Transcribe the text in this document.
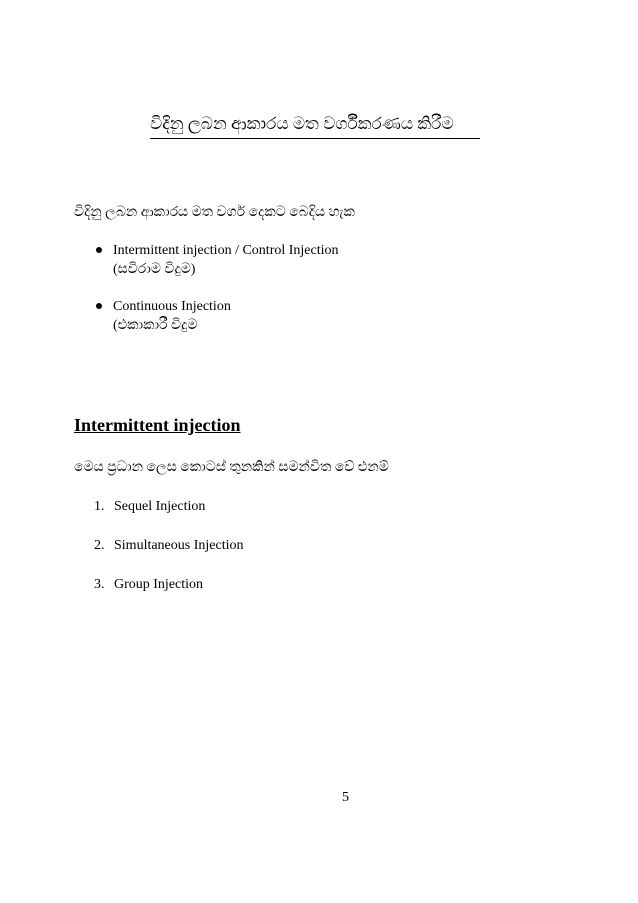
විදිනු ලබන ආකාරය මත වර්ගීකරණය කිරීම
විදිනු ලබන ආකාරය මත වර්ග දෙකට බෙදිය හැක
Intermittent injection / Control Injection
(සවිරාම විදුම)
Continuous Injection
(එකාකාරී විදුම
Intermittent injection
මෙය ප්‍රධාන ලෙස කොටස් තුනකින් සමන්විත වේ එනම්
1. Sequel Injection
2. Simultaneous Injection
3. Group Injection
5
